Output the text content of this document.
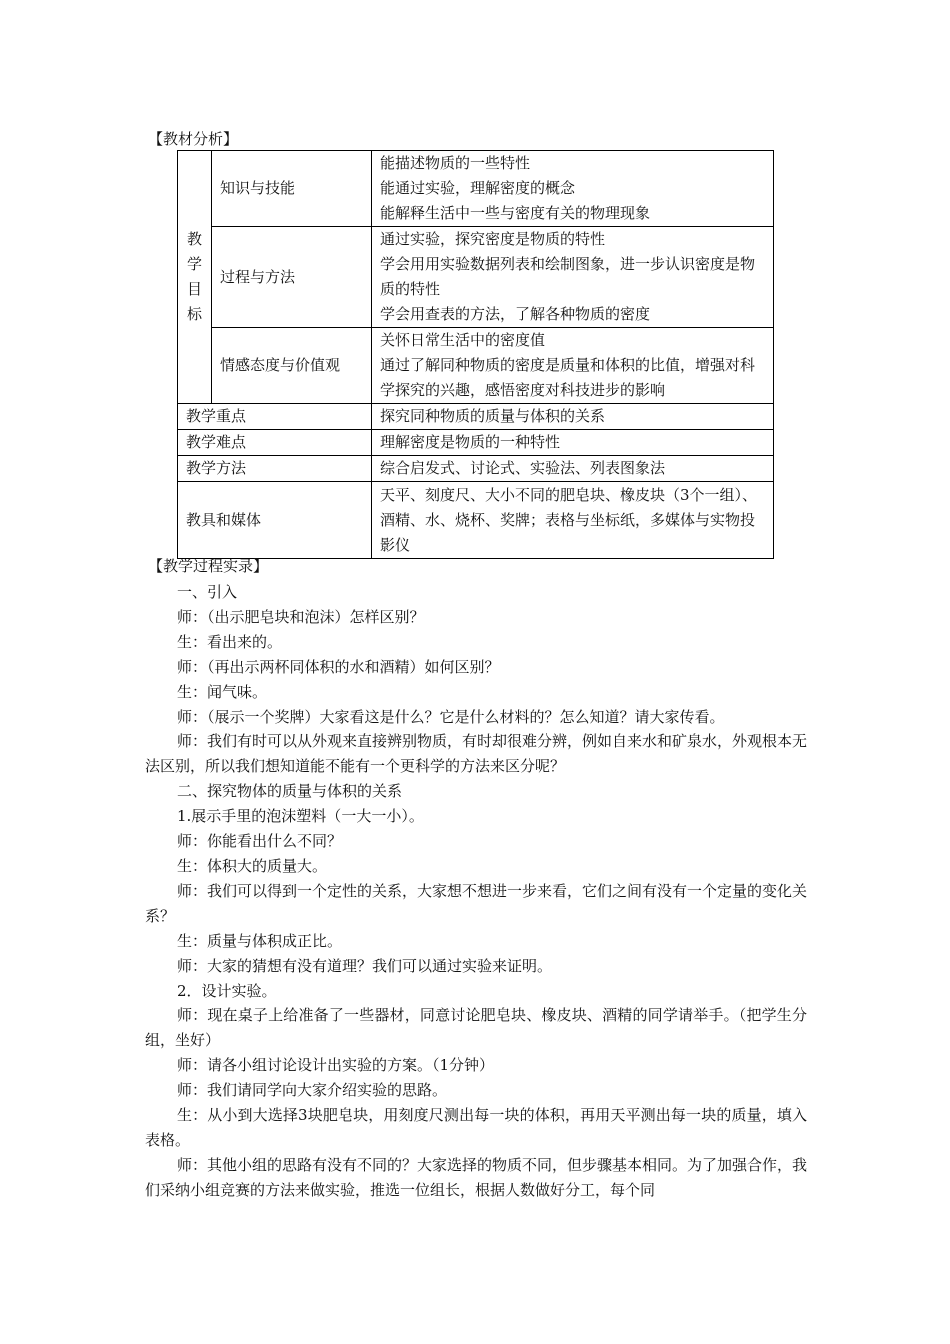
【教材分析】
教学目标	知识与技能	能描述物质的一些特性
能通过实验，理解密度的概念
能解释生活中一些与密度有关的物理现象

	过程与方法	通过实验，探究密度是物质的特性
学会用用实验数据列表和绘制图象，进一步认识密度是物质的特性
学会用查表的方法，了解各种物质的密度

	情感态度与价值观	关怀日常生活中的密度值
通过了解同种物质的密度是质量和体积的比值，增强对科学探究的兴趣，感悟密度对科技进步的影响

教学重点		探究同种物质的质量与体积的关系
教学难点		理解密度是物质的一种特性
教学方法		综合启发式、讨论式、实验法、列表图象法
教具和媒体		天平、刻度尺、大小不同的肥皂块、橡皮块（3个一组）、酒精、水、烧杯、奖牌；表格与坐标纸，多媒体与实物投影仪
【教学过程实录】

一、引入

师：（出示肥皂块和泡沫）怎样区别？

生：看出来的。

师：（再出示两杯同体积的水和酒精）如何区别？

生：闻气味。

师：（展示一个奖牌）大家看这是什么？它是什么材料的？怎么知道？请大家传看。

师：我们有时可以从外观来直接辨别物质，有时却很难分辨，例如自来水和矿泉水，外观根本无法区别，所以我们想知道能不能有一个更科学的方法来区分呢？

二、探究物体的质量与体积的关系

1.展示手里的泡沫塑料（一大一小）。

师：你能看出什么不同？

生：体积大的质量大。

师：我们可以得到一个定性的关系，大家想不想进一步来看，它们之间有没有一个定量的变化关系？

生：质量与体积成正比。

师：大家的猜想有没有道理？我们可以通过实验来证明。

2．设计实验。

师：现在桌子上给准备了一些器材，同意讨论肥皂块、橡皮块、酒精的同学请举手。（把学生分组，坐好）

师：请各小组讨论设计出实验的方案。（1分钟）

师：我们请同学向大家介绍实验的思路。

生：从小到大选择3块肥皂块，用刻度尺测出每一块的体积，再用天平测出每一块的质量，填入表格。

师：其他小组的思路有没有不同的？大家选择的物质不同，但步骤基本相同。为了加强合作，我们采纳小组竞赛的方法来做实验，推选一位组长，根据人数做好分工，每个同
